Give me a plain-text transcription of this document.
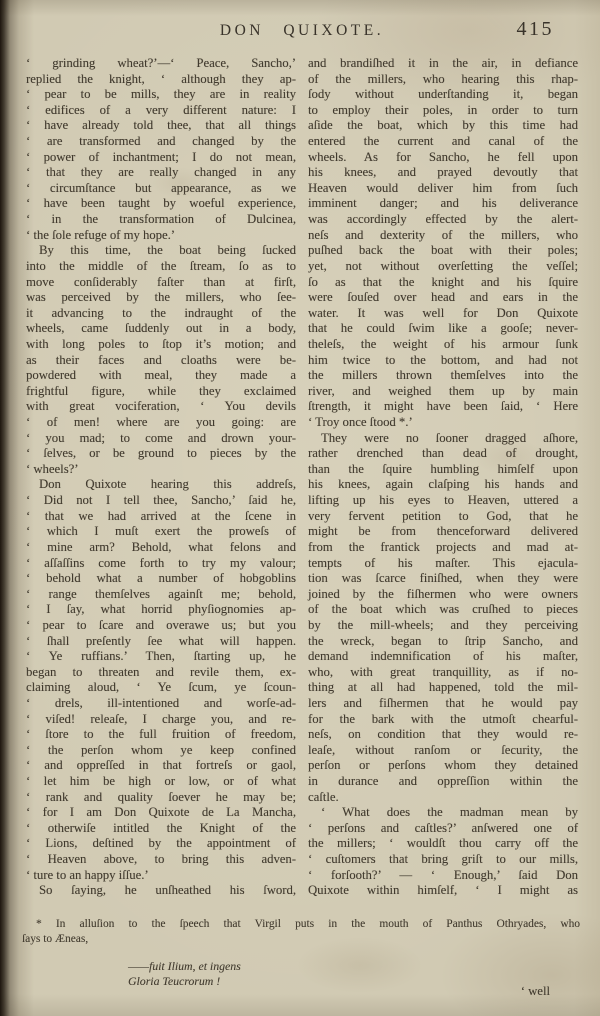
DON QUIXOTE.	415
‘ grinding wheat?’—‘ Peace, Sancho,’
replied the knight, ‘ although they ap-
‘ pear to be mills, they are in reality
‘ edifices of a very different nature: I
‘ have already told thee, that all things
‘ are transformed and changed by the
‘ power of inchantment; I do not mean,
‘ that they are really changed in any
‘ circumſtance but appearance, as we
‘ have been taught by woeful experience,
‘ in the transformation of Dulcinea,
‘ the ſole refuge of my hope.’
By this time, the boat being ſucked
into the middle of the ſtream, ſo as to
move conſiderably faſter than at firſt,
was perceived by the millers, who ſee-
it advancing to the indraught of the
wheels, came ſuddenly out in a body,
with long poles to ſtop it’s motion; and
as their faces and cloaths were be-
powdered with meal, they made a
frightful figure, while they exclaimed
with great vociferation, ‘ You devils
‘ of men! where are you going: are
‘ you mad; to come and drown your-
‘ ſelves, or be ground to pieces by the
‘ wheels?’
Don Quixote hearing this addreſs,
‘ Did not I tell thee, Sancho,’ ſaid he,
‘ that we had arrived at the ſcene in
‘ which I muſt exert the proweſs of
‘ mine arm? Behold, what felons and
‘ aſſaſſins come forth to try my valour;
‘ behold what a number of hobgoblins
‘ range themſelves againſt me; behold,
‘ I ſay, what horrid phyſiognomies ap-
‘ pear to ſcare and overawe us; but you
‘ ſhall preſently ſee what will happen.
‘ Ye ruffians.’ Then, ſtarting up, he
began to threaten and revile them, ex-
claiming aloud, ‘ Ye ſcum, ye ſcoun-
‘ drels, ill-intentioned and worſe-ad-
‘ viſed! releaſe, I charge you, and re-
‘ ſtore to the full fruition of freedom,
‘ the perſon whom ye keep confined
‘ and oppreſſed in that fortreſs or gaol,
‘ let him be high or low, or of what
‘ rank and quality ſoever he may be;
‘ for I am Don Quixote de La Mancha,
‘ otherwiſe intitled the Knight of the
‘ Lions, deſtined by the appointment of
‘ Heaven above, to bring this adven-
‘ ture to an happy iſſue.’
So ſaying, he unſheathed his ſword,
and brandiſhed it in the air, in defiance
of the millers, who hearing this rhap-
ſody without underſtanding it, began
to employ their poles, in order to turn
aſide the boat, which by this time had
entered the current and canal of the
wheels. As for Sancho, he fell upon
his knees, and prayed devoutly that
Heaven would deliver him from ſuch
imminent danger; and his deliverance
was accordingly effected by the alert-
neſs and dexterity of the millers, who
puſhed back the boat with their poles;
yet, not without overſetting the veſſel;
ſo as that the knight and his ſquire
were ſouſed over head and ears in the
water. It was well for Don Quixote
that he could ſwim like a gooſe; never-
theleſs, the weight of his armour ſunk
him twice to the bottom, and had not
the millers thrown themſelves into the
river, and weighed them up by main
ſtrength, it might have been ſaid, ‘ Here
‘ Troy once ſtood *.’
They were no ſooner dragged aſhore,
rather drenched than dead of drought,
than the ſquire humbling himſelf upon
his knees, again claſping his hands and
lifting up his eyes to Heaven, uttered a
very fervent petition to God, that he
might be from thenceforward delivered
from the frantick projects and mad at-
tempts of his maſter. This ejacula-
tion was ſcarce finiſhed, when they were
joined by the fiſhermen who were owners
of the boat which was cruſhed to pieces
by the mill-wheels; and they perceiving
the wreck, began to ſtrip Sancho, and
demand indemnification of his maſter,
who, with great tranquillity, as if no-
thing at all had happened, told the mil-
lers and fiſhermen that he would pay
for the bark with the utmoſt chearful-
neſs, on condition that they would re-
leaſe, without ranſom or ſecurity, the
perſon or perſons whom they detained
in durance and oppreſſion within the
caſtle.
‘ What does the madman mean by
‘ perſons and caſtles?’ anſwered one of
the millers; ‘ wouldſt thou carry off the
‘ cuſtomers that bring griſt to our mills,
‘ forſooth?’ — ‘ Enough,’ ſaid Don
Quixote within himſelf, ‘ I might as
* In alluſion to the ſpeech that Virgil puts in the mouth of Panthus Othryades, who
ſays to Æneas,
——fuit Ilium, et ingens
Gloria Teucrorum !
‘ well
